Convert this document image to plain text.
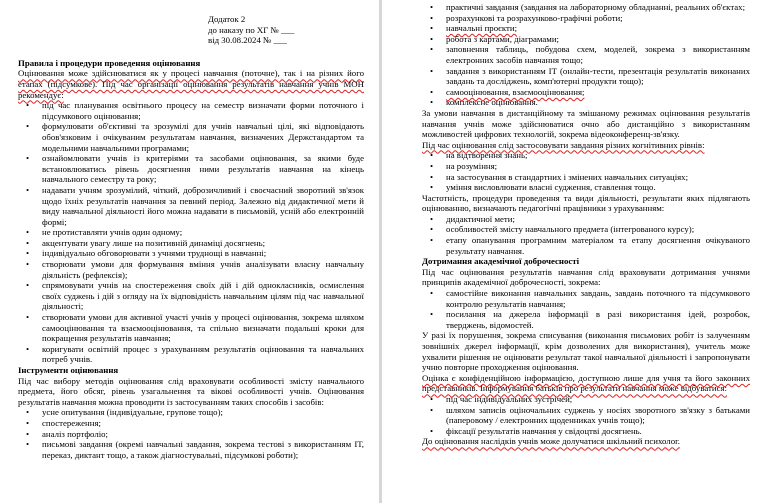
Додаток 2
до наказу по ХГ № ___
від 30.08.2024 № ___
Правила і процедури проведення оцінювання
Оцінювання може здійснюватися як у процесі навчання (поточне), так і на різних його етапах (підсумкове). Під час організації оцінювання результатів навчання учнів МОН рекомендує:
• під час планування освітнього процесу на семестр визначати форми поточного і підсумкового оцінювання;
• формулювати об'єктивні та зрозумілі для учнів навчальні цілі, які відповідають обов'язковим і очікуваним результатам навчання, визначених Держстандартом та модельними навчальними програмами;
• ознайомлювати учнів із критеріями та засобами оцінювання, за якими буде встановлюватись рівень досягнення ними результатів навчання на кінець навчального семестру та року;
• надавати учням зрозумілий, чіткий, доброзичливий і своєчасний зворотний зв'язок щодо їхніх результатів навчання за певний період. Залежно від дидактичної мети й виду навчальної діяльності його можна надавати в письмовій, усній або електронній формі;
• не протиставляти учнів один одному;
• акцентувати увагу лише на позитивній динаміці досягнень;
• індивідуально обговорювати з учнями труднощі в навчанні;
• створювати умови для формування вміння учнів аналізувати власну навчальну діяльність (рефлексія);
• спрямовувати учнів на спостереження своїх дій і дій однокласників, осмислення своїх суджень і дій з огляду на їх відповідність навчальним цілям під час навчальної діяльності;
• створювати умови для активної участі учнів у процесі оцінювання, зокрема шляхом самооцінювання та взаємооцінювання, та спільно визначати подальші кроки для покращення результатів навчання;
• коригувати освітній процес з урахуванням результатів оцінювання та навчальних потреб учнів.
Інструменти оцінювання
Під час вибору методів оцінювання слід враховувати особливості змісту навчального предмета, його обсяг, рівень узагальнення та вікові особливості учнів. Оцінювання результатів навчання можна проводити із застосуванням таких способів і засобів:
• усне опитування (індивідуальне, групове тощо);
• спостереження;
• аналіз портфоліо;
• письмові завдання (окремі навчальні завдання, зокрема тестові з використанням ІТ, переказ, диктант тощо, а також діагностувальні, підсумкові роботи);
• практичні завдання (завдання на лабораторному обладнанні, реальних об'єктах;
• розрахункові та розрахунково-графічні роботи;
• навчальні проєкти;
• робота з картами, діаграмами;
• заповнення таблиць, побудова схем, моделей, зокрема з використанням електронних засобів навчання тощо;
• завдання з використанням ІТ (онлайн-тести, презентація результатів виконаних завдань та досліджень, комп'ютерні продукти тощо);
• самооцінювання, взаємооцінювання;
• комплексне оцінювання.
За умови навчання в дистанційному та змішаному режимах оцінювання результатів навчання учнів може здійснюватися очно або дистанційно з використанням можливостей цифрових технологій, зокрема відеоконференц-зв'язку.
Під час оцінювання слід застосовувати завдання різних когнітивних рівнів:
• на відтворення знань;
• на розуміння;
• на застосування в стандартних і змінених навчальних ситуаціях;
• уміння висловлювати власні судження, ставлення тощо.
Частотність, процедури проведення та види діяльності, результати яких підлягають оцінюванню, визначають педагогічні працівники з урахуванням:
• дидактичної мети;
• особливостей змісту навчального предмета (інтегрованого курсу);
• етапу опанування програмним матеріалом та етапу досягнення очікуваного результату навчання.
Дотримання академічної доброчесності
Під час оцінювання результатів навчання слід враховувати дотримання учнями принципів академічної доброчесності, зокрема:
• самостійне виконання навчальних завдань, завдань поточного та підсумкового контролю результатів навчання;
• посилання на джерела інформації в разі використання ідей, розробок, тверджень, відомостей.
У разі їх порушення, зокрема списування (виконання письмових робіт із залученням зовнішніх джерел інформації, крім дозволених для використання), учитель може ухвалити рішення не оцінювати результат такої навчальної діяльності і запропонувати учню повторне проходження оцінювання.
Оцінка є конфіденційною інформацією, доступною лише для учня та його законних представників. Інформування батьків про результати навчання може відбуватися:
• під час індивідуальних зустрічей;
• шляхом записів оціночальних суджень у носіях зворотного зв'язку з батьками (паперовому / електронних щоденниках учнів тощо);
• фіксації результатів навчання у свідоцтві досягнень.
До оцінювання наслідків учнів може долучатися шкільний психолог.
